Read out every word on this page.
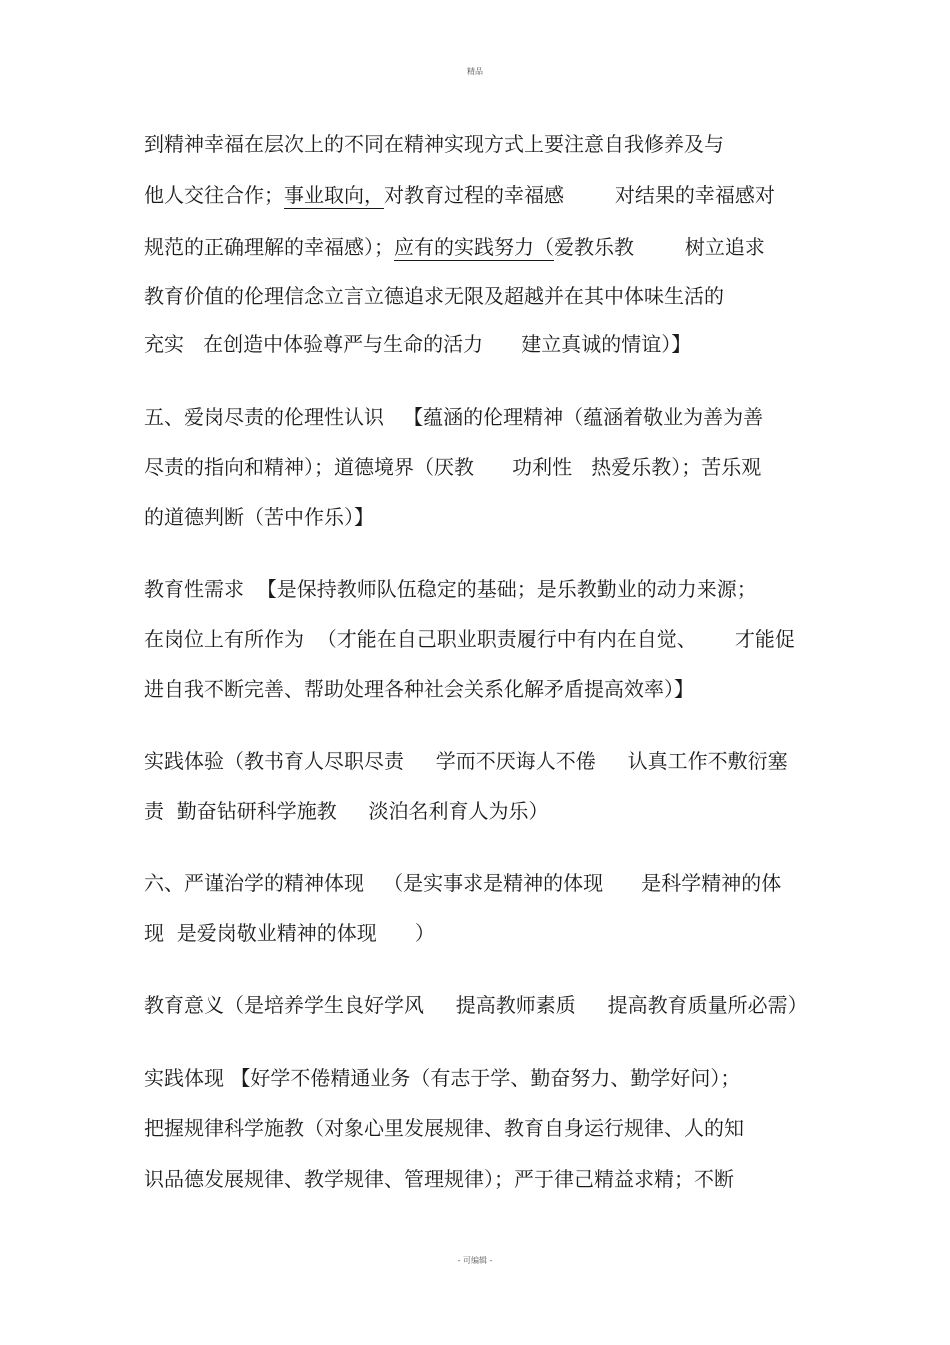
精品
到精神幸福在层次上的不同在精神实现方式上要注意自我修养及与
他人交往合作；事业取向，对教育过程的幸福感        对结果的幸福感对
规范的正确理解的幸福感）；应有的实践努力（爱教乐教        树立追求
教育价值的伦理信念立言立德追求无限及超越并在其中体味生活的
充实   在创造中体验尊严与生命的活力      建立真诚的情谊）】
五、爱岗尽责的伦理性认识   【蕴涵的伦理精神（蕴涵着敬业为善为善
尽责的指向和精神）；道德境界（厌教      功利性   热爱乐教）；苦乐观
的道德判断（苦中作乐）】
教育性需求  【是保持教师队伍稳定的基础；是乐教勤业的动力来源；
在岗位上有所作为  （才能在自己职业职责履行中有内在自觉、      才能促
进自我不断完善、帮助处理各种社会关系化解矛盾提高效率）】
实践体验（教书育人尽职尽责     学而不厌诲人不倦     认真工作不敷衍塞
责  勤奋钻研科学施教     淡泊名利育人为乐）
六、严谨治学的精神体现   （是实事求是精神的体现      是科学精神的体
现  是爱岗敬业精神的体现      ）
教育意义（是培养学生良好学风     提高教师素质     提高教育质量所必需）
实践体现 【好学不倦精通业务（有志于学、勤奋努力、勤学好问）；
把握规律科学施教（对象心里发展规律、教育自身运行规律、人的知
识品德发展规律、教学规律、管理规律）；严于律己精益求精；不断
- 可编辑 -
